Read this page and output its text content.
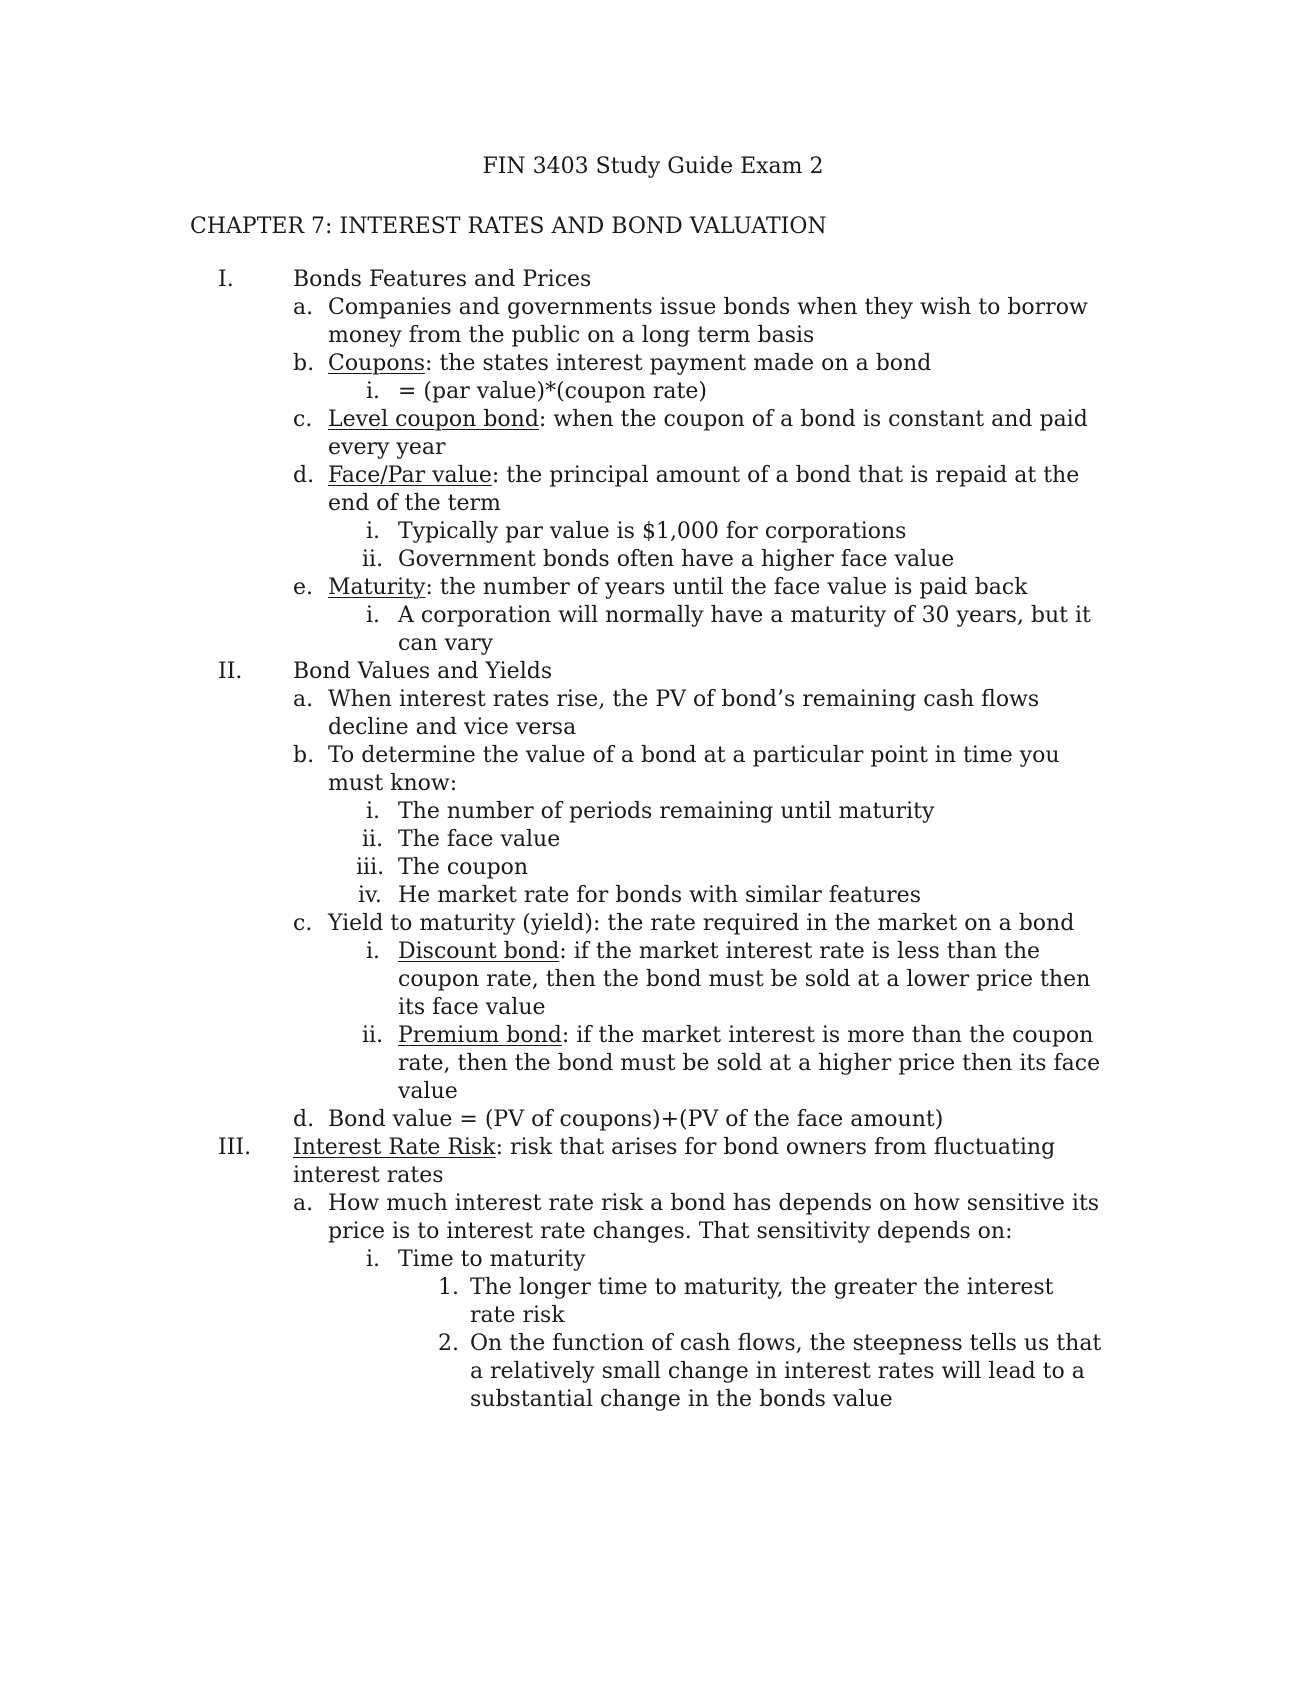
FIN 3403 Study Guide Exam 2
CHAPTER 7: INTEREST RATES AND BOND VALUATION
I.	Bonds Features and Prices
a. Companies and governments issue bonds when they wish to borrow
money from the public on a long term basis
b. Coupons: the states interest payment made on a bond
i. = (par value)*(coupon rate)
c. Level coupon bond: when the coupon of a bond is constant and paid
every year
d. Face/Par value: the principal amount of a bond that is repaid at the
end of the term
i. Typically par value is $1,000 for corporations
ii. Government bonds often have a higher face value
e. Maturity: the number of years until the face value is paid back
i. A corporation will normally have a maturity of 30 years, but it
can vary
II. Bond Values and Yields
a. When interest rates rise, the PV of bond’s remaining cash flows
decline and vice versa
b. To determine the value of a bond at a particular point in time you
must know:
i. The number of periods remaining until maturity
ii. The face value
iii. The coupon
iv. He market rate for bonds with similar features
c. Yield to maturity (yield): the rate required in the market on a bond
i. Discount bond: if the market interest rate is less than the
coupon rate, then the bond must be sold at a lower price then
its face value
ii. Premium bond: if the market interest is more than the coupon
rate, then the bond must be sold at a higher price then its face
value
d. Bond value = (PV of coupons)+(PV of the face amount)
III. Interest Rate Risk: risk that arises for bond owners from fluctuating
interest rates
a. How much interest rate risk a bond has depends on how sensitive its
price is to interest rate changes. That sensitivity depends on:
i. Time to maturity
1. The longer time to maturity, the greater the interest
rate risk
2. On the function of cash flows, the steepness tells us that
a relatively small change in interest rates will lead to a
substantial change in the bonds value
